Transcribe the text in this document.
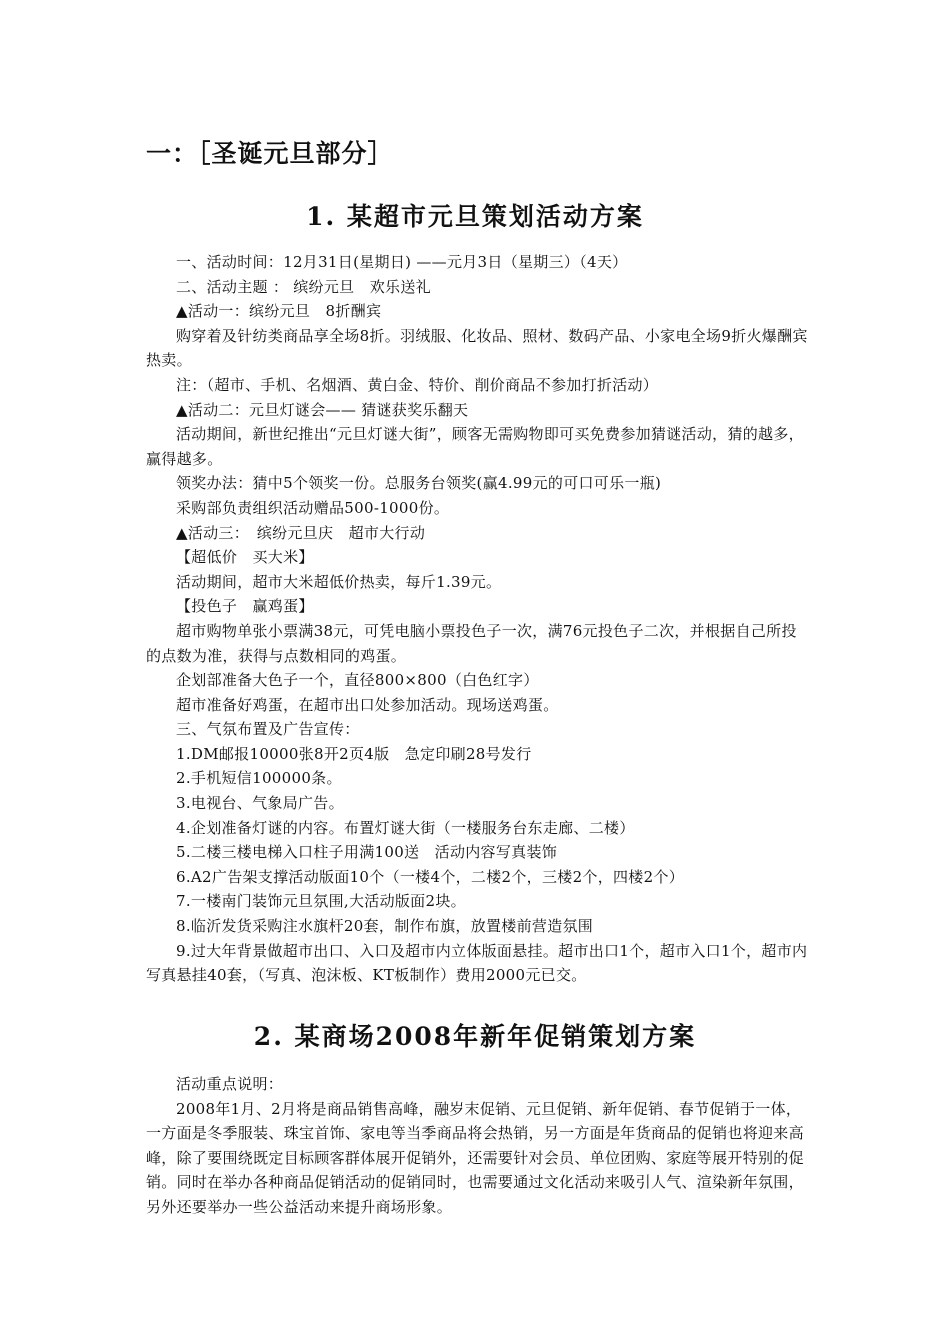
一：［圣诞元旦部分］
1. 某超市元旦策划活动方案

一、活动时间：12月31日(星期日) ——元月3日（星期三）（4天）

二、活动主题 ： 缤纷元旦　欢乐送礼

▲活动一：缤纷元旦　8折酬宾

购穿着及针纺类商品享全场8折。羽绒服、化妆品、照材、数码产品、小家电全场9折火爆酬宾热卖。

注：（超市、手机、名烟酒、黄白金、特价、削价商品不参加打折活动）

▲活动二：元旦灯谜会—— 猜谜获奖乐翻天

活动期间，新世纪推出“元旦灯谜大街”，顾客无需购物即可买免费参加猜谜活动，猜的越多，赢得越多。

领奖办法：猜中5个领奖一份。总服务台领奖(赢4.99元的可口可乐一瓶)

采购部负责组织活动赠品500-1000份。

▲活动三：　缤纷元旦庆　超市大行动

【超低价　买大米】

活动期间，超市大米超低价热卖，每斤1.39元。

【投色子　赢鸡蛋】

超市购物单张小票满38元，可凭电脑小票投色子一次，满76元投色子二次，并根据自己所投的点数为准，获得与点数相同的鸡蛋。

企划部准备大色子一个，直径800×800（白色红字）

超市准备好鸡蛋，在超市出口处参加活动。现场送鸡蛋。

三、气氛布置及广告宣传：

1.DM邮报10000张8开2页4版　急定印刷28号发行

2.手机短信100000条。

3.电视台、气象局广告。

4.企划准备灯谜的内容。布置灯谜大街（一楼服务台东走廊、二楼）

5.二楼三楼电梯入口柱子用满100送　活动内容写真装饰

6.A2广告架支撑活动版面10个（一楼4个，二楼2个，三楼2个，四楼2个）

7.一楼南门装饰元旦氛围,大活动版面2块。

8.临沂发货采购注水旗杆20套，制作布旗，放置楼前营造氛围

9.过大年背景做超市出口、入口及超市内立体版面悬挂。超市出口1个，超市入口1个，超市内写真悬挂40套，（写真、泡沫板、KT板制作）费用2000元已交。

2. 某商场2008年新年促销策划方案

活动重点说明：

2008年1月、2月将是商品销售高峰，融岁末促销、元旦促销、新年促销、春节促销于一体，一方面是冬季服装、珠宝首饰、家电等当季商品将会热销，另一方面是年货商品的促销也将迎来高峰，除了要围绕既定目标顾客群体展开促销外，还需要针对会员、单位团购、家庭等展开特别的促销。同时在举办各种商品促销活动的促销同时，也需要通过文化活动来吸引人气、渲染新年氛围，另外还要举办一些公益活动来提升商场形象。
